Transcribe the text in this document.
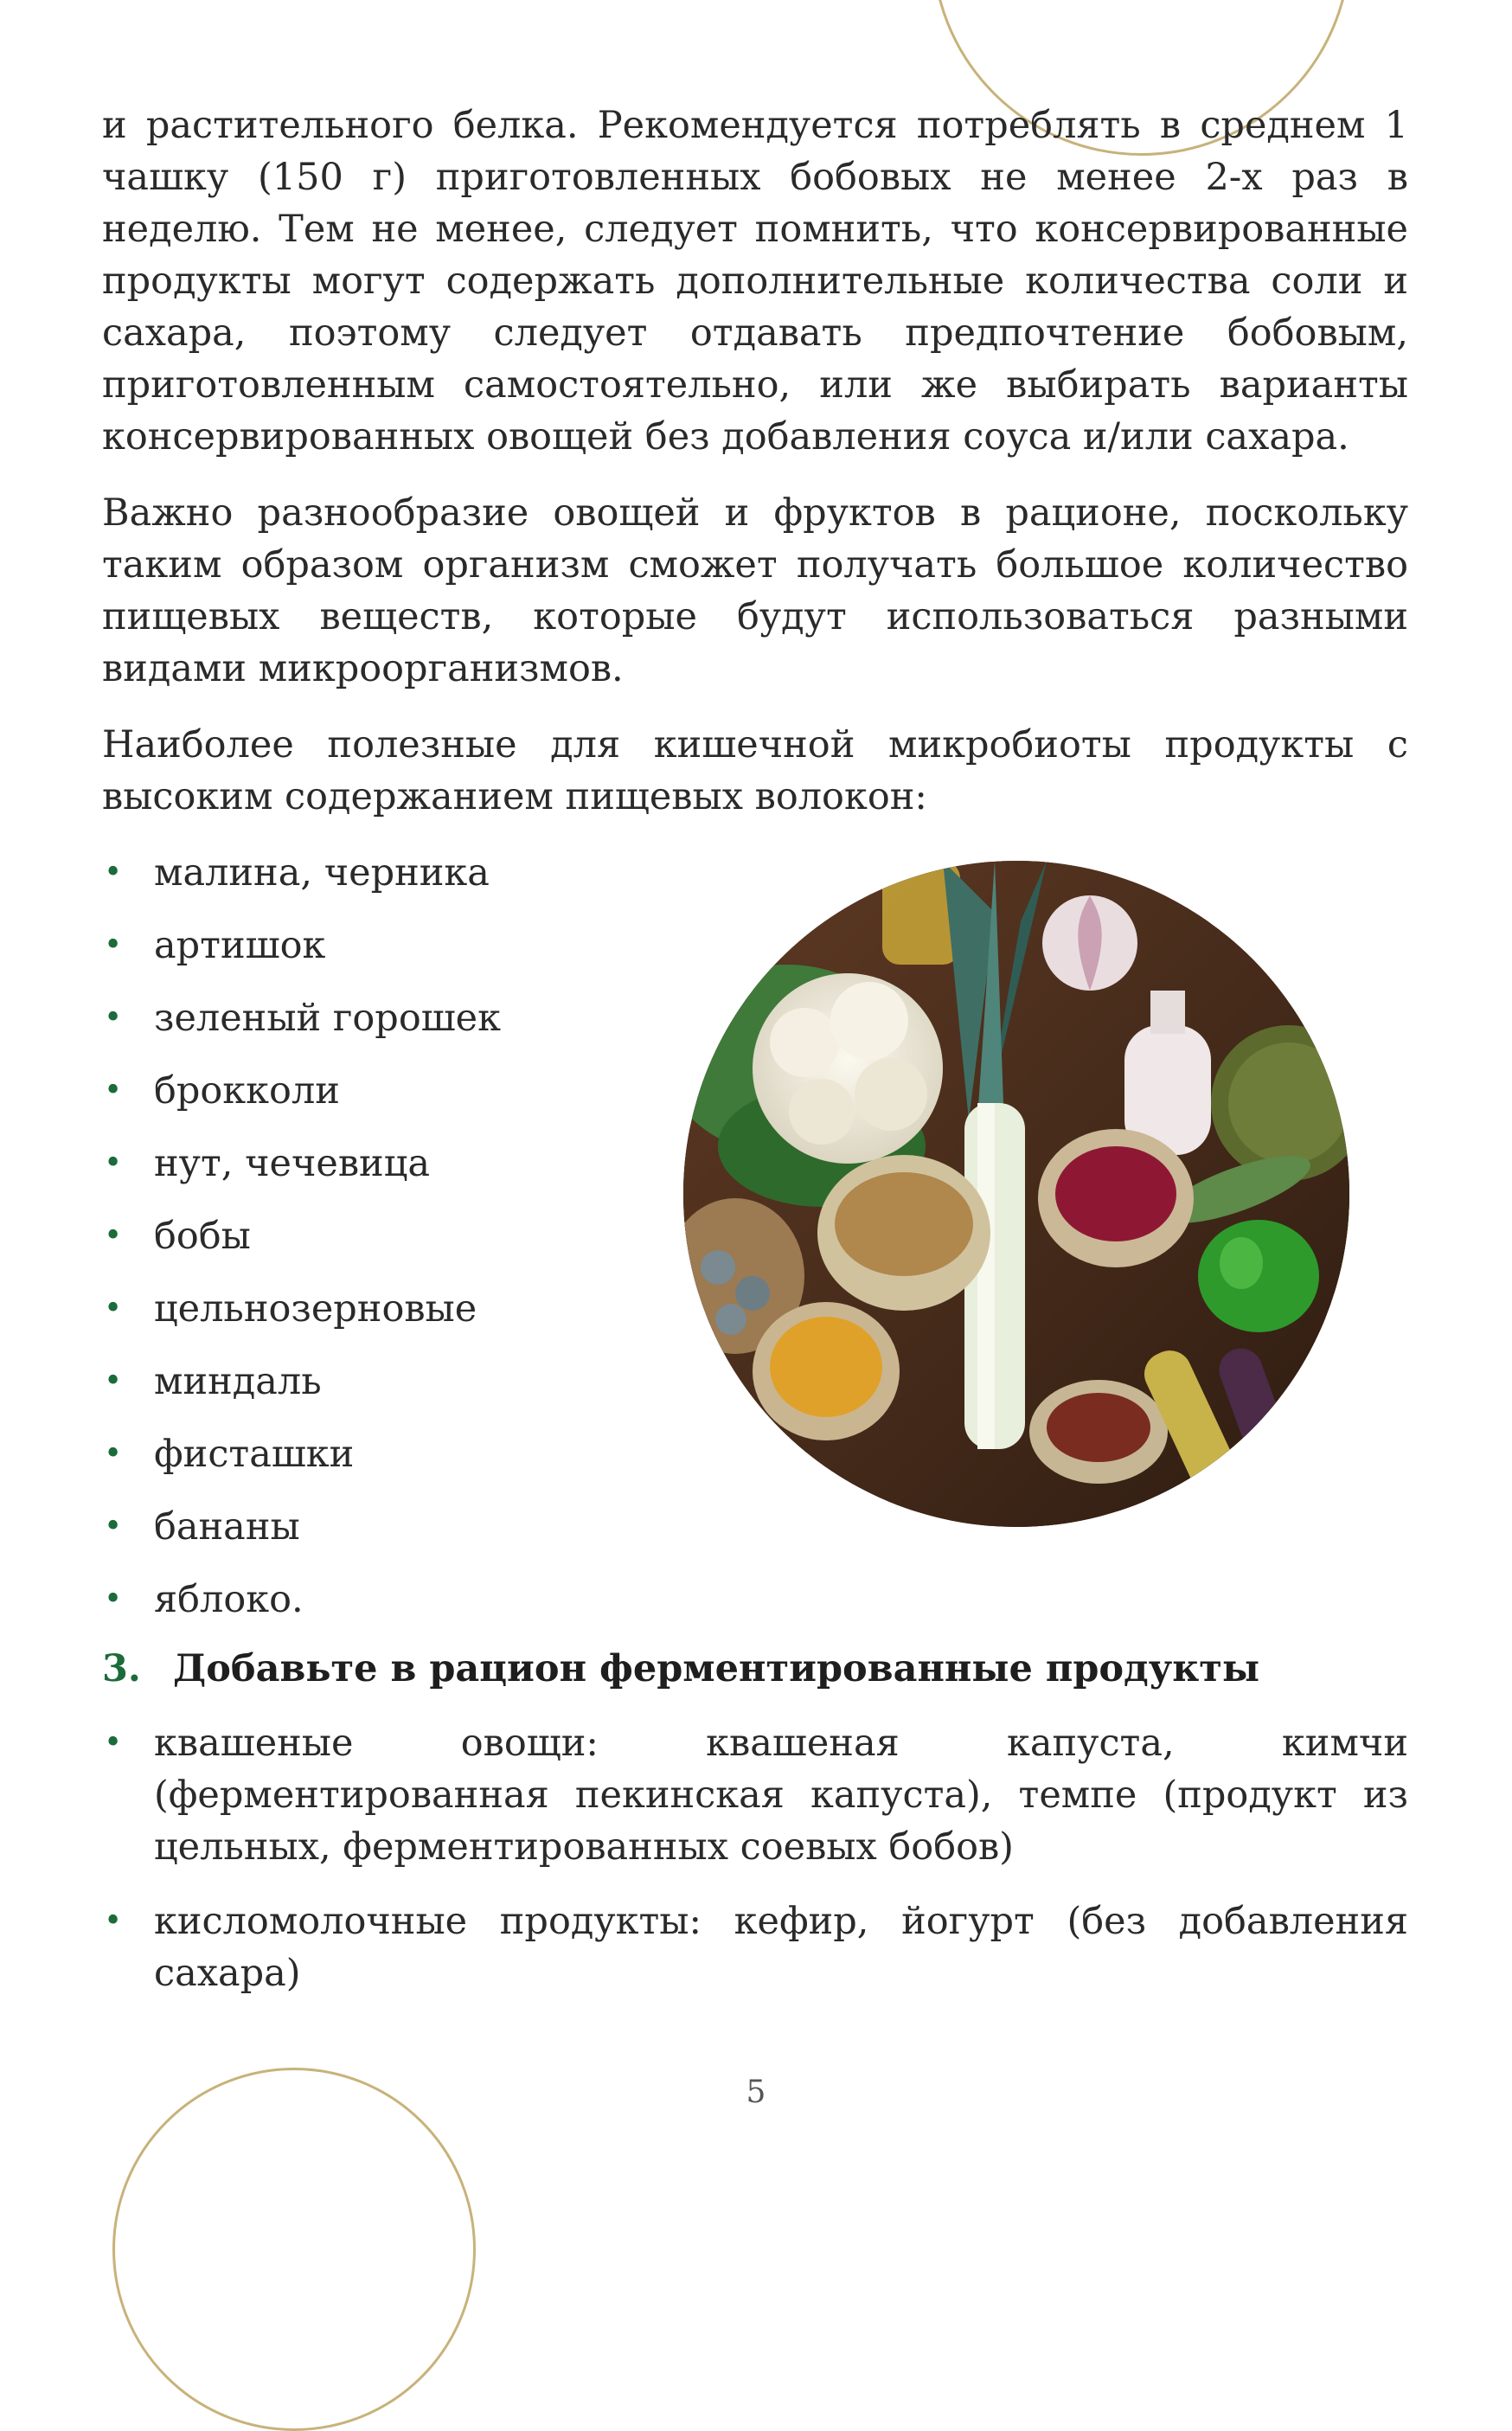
и растительного белка. Рекомендуется потреблять в среднем 1 чашку (150 г) приготовленных бобовых не менее 2-х раз в неделю. Тем не менее, следует помнить, что консервированные продукты могут содержать дополнительные количества соли и сахара, поэтому следует отдавать предпочтение бобовым, приготовленным самостоятельно, или же выбирать варианты консервированных овощей без добавления соуса и/или сахара.

Важно разнообразие овощей и фруктов в рационе, поскольку таким образом организм сможет получать большое количество пищевых веществ, которые будут использоваться разными видами микроорганизмов.

Наиболее полезные для кишечной микробиоты продукты с высоким содержанием пищевых волокон:

• малина, черника
• артишок
• зеленый горошек
• брокколи
• нут, чечевица
• бобы
• цельнозерновые
• миндаль
• фисташки
• бананы
• яблоко.
3. Добавьте в рацион ферментированные продукты
• квашеные овощи: квашеная капуста, кимчи (ферментированная пекинская капуста), темпе (продукт из цельных, ферментированных соевых бобов)
• кисломолочные продукты: кефир, йогурт (без добавления сахара)
5
